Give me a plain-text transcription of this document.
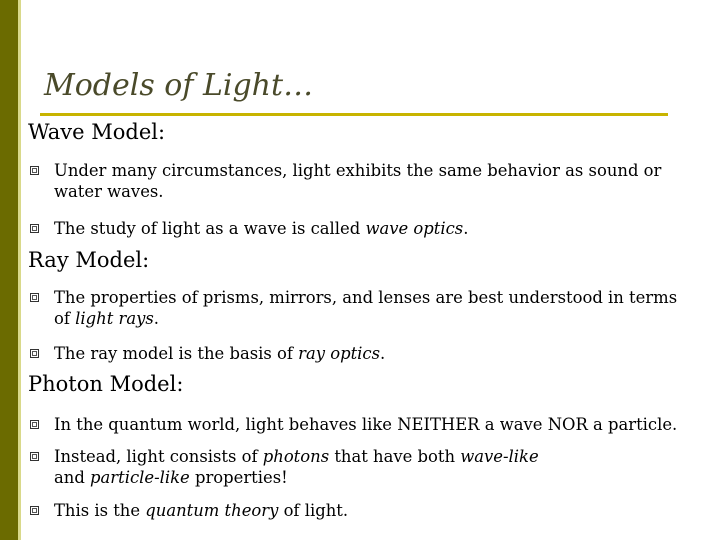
Models of Light…
Wave Model:
Under many circumstances, light exhibits the same behavior as sound or
water waves.
The study of light as a wave is called wave optics.
Ray Model:
The properties of prisms, mirrors, and lenses are best understood in terms
of light rays.
The ray model is the basis of ray optics.
Photon Model:
In the quantum world, light behaves like NEITHER a wave NOR a particle.
Instead, light consists of photons that have both wave-like
and particle-like properties!
This is the quantum theory of light.
